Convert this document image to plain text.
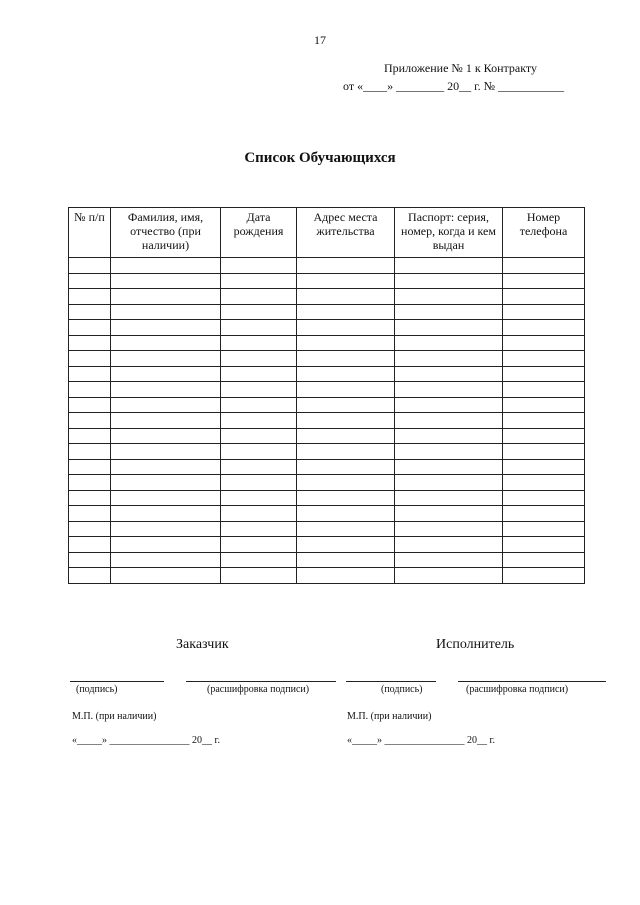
17
Приложение № 1 к Контракту
от «____» ________ 20__ г. № ___________
Список Обучающихся
№ п/п	Фамилия, имя, отчество (при наличии)	Дата рождения	Адрес места жительства	Паспорт: серия, номер, когда и кем выдан	Номер телефона

Заказчик
(подпись)	(расшифровка подписи)
М.П. (при наличии)
«_____» ________________ 20__ г.
Исполнитель
(подпись)	(расшифровка подписи)
М.П. (при наличии)
«_____» ________________ 20__ г.
